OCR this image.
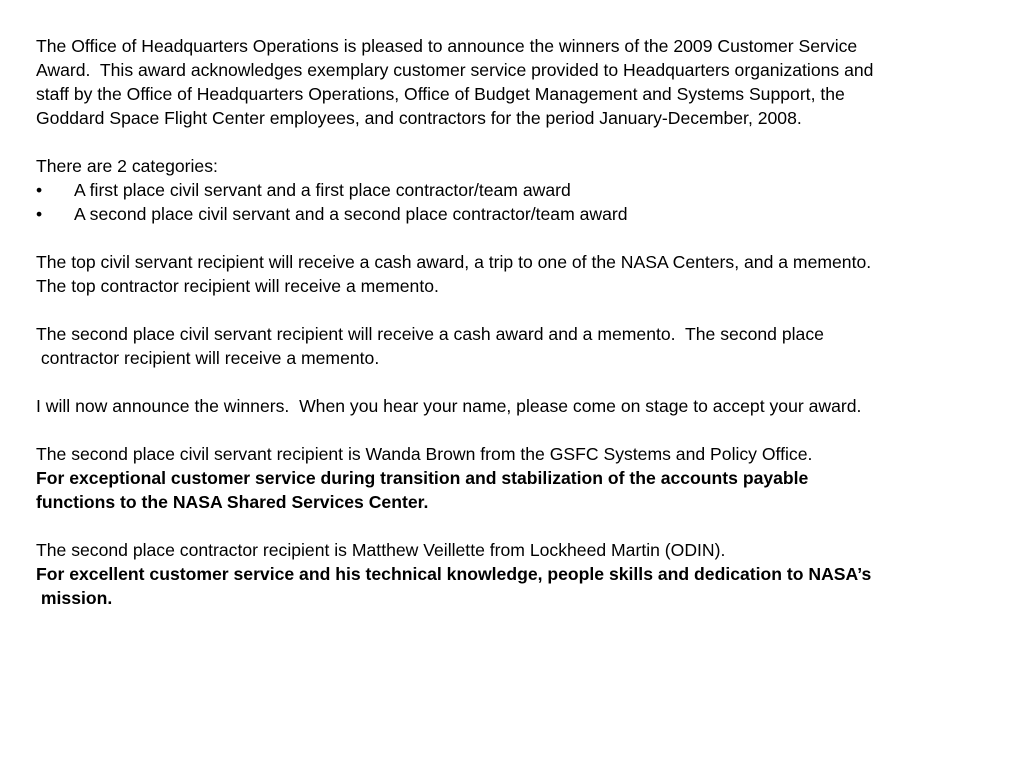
The Office of Headquarters Operations is pleased to announce the winners of the 2009 Customer Service
Award.  This award acknowledges exemplary customer service provided to Headquarters organizations and
staff by the Office of Headquarters Operations, Office of Budget Management and Systems Support, the
Goddard Space Flight Center employees, and contractors for the period January-December, 2008.
There are 2 categories:
•	A first place civil servant and a first place contractor/team award
•	A second place civil servant and a second place contractor/team award
The top civil servant recipient will receive a cash award, a trip to one of the NASA Centers, and a memento.
The top contractor recipient will receive a memento.
The second place civil servant recipient will receive a cash award and a memento.  The second place
contractor recipient will receive a memento.
I will now announce the winners.  When you hear your name, please come on stage to accept your award.
The second place civil servant recipient is Wanda Brown from the GSFC Systems and Policy Office.
For exceptional customer service during transition and stabilization of the accounts payable
functions to the NASA Shared Services Center.
The second place contractor recipient is Matthew Veillette from Lockheed Martin (ODIN).
For excellent customer service and his technical knowledge, people skills and dedication to NASA’s
mission.
